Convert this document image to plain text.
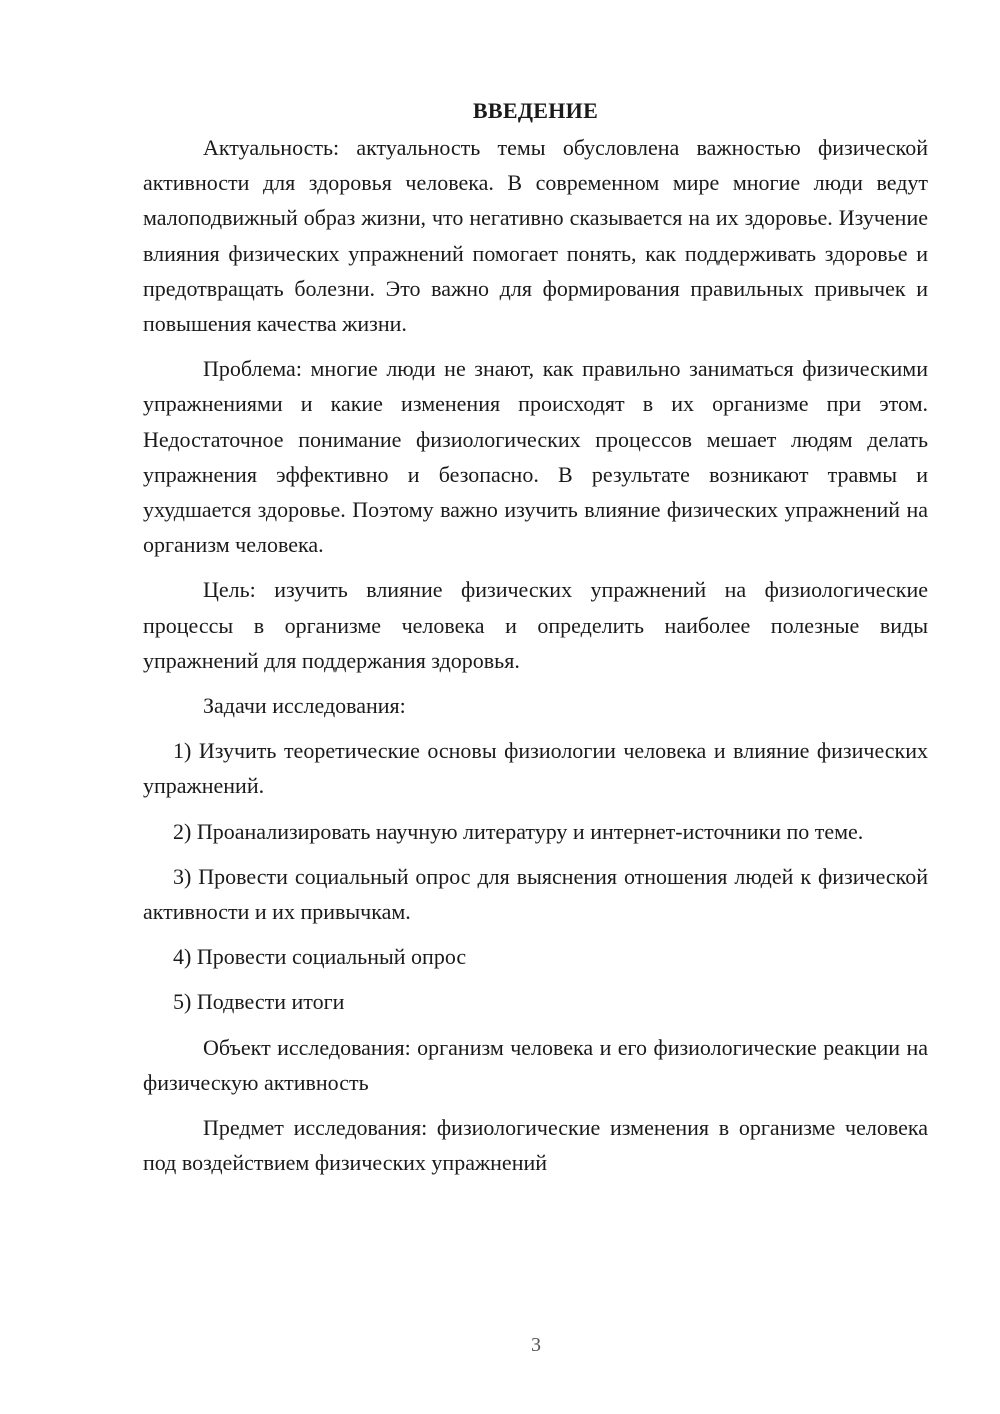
ВВЕДЕНИЕ

Актуальность: актуальность темы обусловлена важностью физической активности для здоровья человека. В современном мире многие люди ведут малоподвижный образ жизни, что негативно сказывается на их здоровье. Изучение влияния физических упражнений помогает понять, как поддерживать здоровье и предотвращать болезни. Это важно для формирования правильных привычек и повышения качества жизни.

Проблема: многие люди не знают, как правильно заниматься физическими упражнениями и какие изменения происходят в их организме при этом. Недостаточное понимание физиологических процессов мешает людям делать упражнения эффективно и безопасно. В результате возникают травмы и ухудшается здоровье. Поэтому важно изучить влияние физических упражнений на организм человека.

Цель: изучить влияние физических упражнений на физиологические процессы в организме человека и определить наиболее полезные виды упражнений для поддержания здоровья.

Задачи исследования:

1) Изучить теоретические основы физиологии человека и влияние физических упражнений.

2) Проанализировать научную литературу и интернет-источники по теме.

3) Провести социальный опрос для выяснения отношения людей к физической активности и их привычкам.

4) Провести социальный опрос

5) Подвести итоги

Объект исследования: организм человека и его физиологические реакции на физическую активность

Предмет исследования: физиологические изменения в организме человека под воздействием физических упражнений

3
